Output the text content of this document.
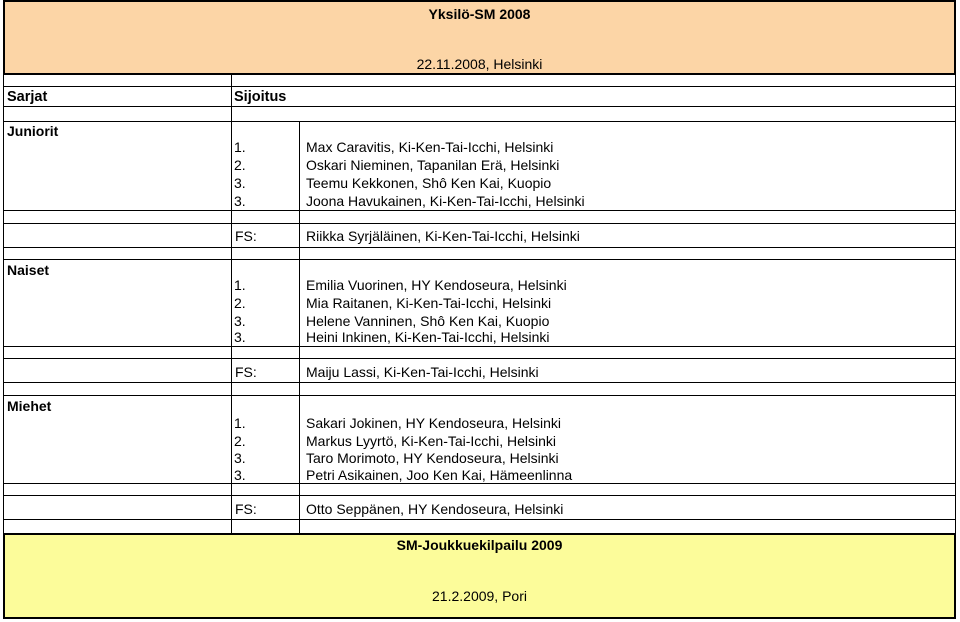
Yksilö-SM 2008
22.11.2008, Helsinki
Sarjat	Sijoitus
Juniorit
1.	Max Caravitis, Ki-Ken-Tai-Icchi, Helsinki
2.	Oskari Nieminen, Tapanilan Erä, Helsinki
3.	Teemu Kekkonen, Shô Ken Kai, Kuopio
3.	Joona Havukainen, Ki-Ken-Tai-Icchi, Helsinki
FS:	Riikka Syrjäläinen, Ki-Ken-Tai-Icchi, Helsinki
Naiset
1.	Emilia Vuorinen, HY Kendoseura, Helsinki
2.	Mia Raitanen, Ki-Ken-Tai-Icchi, Helsinki
3.	Helene Vanninen, Shô Ken Kai, Kuopio
3.	Heini Inkinen, Ki-Ken-Tai-Icchi, Helsinki
FS:	Maiju Lassi, Ki-Ken-Tai-Icchi, Helsinki
Miehet
1.	Sakari Jokinen, HY Kendoseura, Helsinki
2.	Markus Lyyrtö, Ki-Ken-Tai-Icchi, Helsinki
3.	Taro Morimoto, HY Kendoseura, Helsinki
3.	Petri Asikainen, Joo Ken Kai, Hämeenlinna
FS:	Otto Seppänen, HY Kendoseura, Helsinki
SM-Joukkuekilpailu 2009
21.2.2009, Pori
